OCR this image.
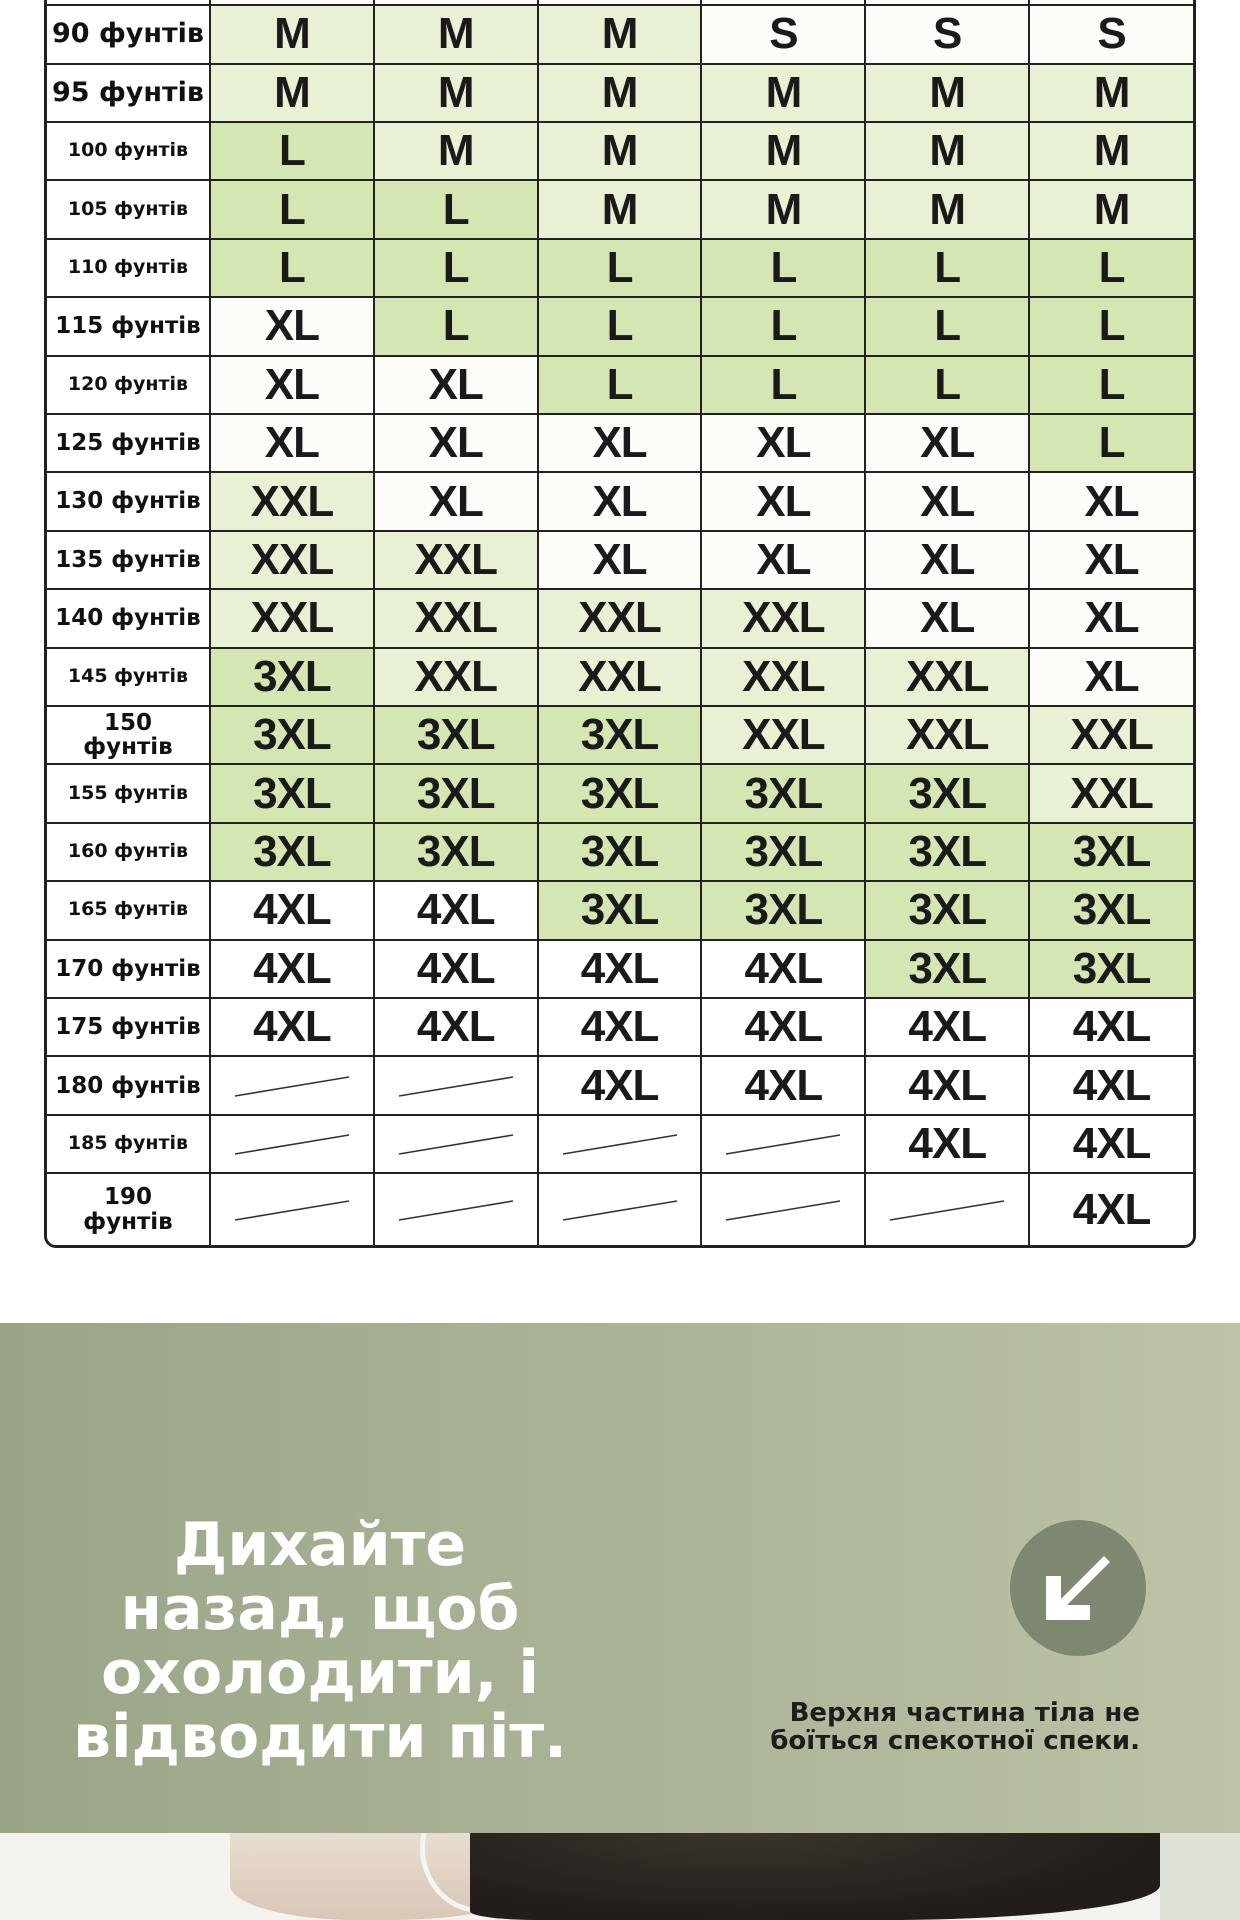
90 фунтів	M	M	M	S	S	S
95 фунтів	M	M	M	M	M	M
100 фунтів	L	M	M	M	M	M
105 фунтів	L	L	M	M	M	M
110 фунтів	L	L	L	L	L	L
115 фунтів	XL	L	L	L	L	L
120 фунтів	XL	XL	L	L	L	L
125 фунтів	XL	XL	XL	XL	XL	L
130 фунтів	XXL	XL	XL	XL	XL	XL
135 фунтів	XXL	XXL	XL	XL	XL	XL
140 фунтів	XXL	XXL	XXL	XXL	XL	XL
145 фунтів	3XL	XXL	XXL	XXL	XXL	XL
150 фунтів	3XL	3XL	3XL	XXL	XXL	XXL
155 фунтів	3XL	3XL	3XL	3XL	3XL	XXL
160 фунтів	3XL	3XL	3XL	3XL	3XL	3XL
165 фунтів	4XL	4XL	3XL	3XL	3XL	3XL
170 фунтів	4XL	4XL	4XL	4XL	3XL	3XL
175 фунтів	4XL	4XL	4XL	4XL	4XL	4XL
180 фунтів			4XL	4XL	4XL	4XL
185 фунтів					4XL	4XL
190 фунтів						4XL
Дихайте назад, щоб охолодити, і відводити піт.	Верхня частина тіла не боїться спекотної спеки.
